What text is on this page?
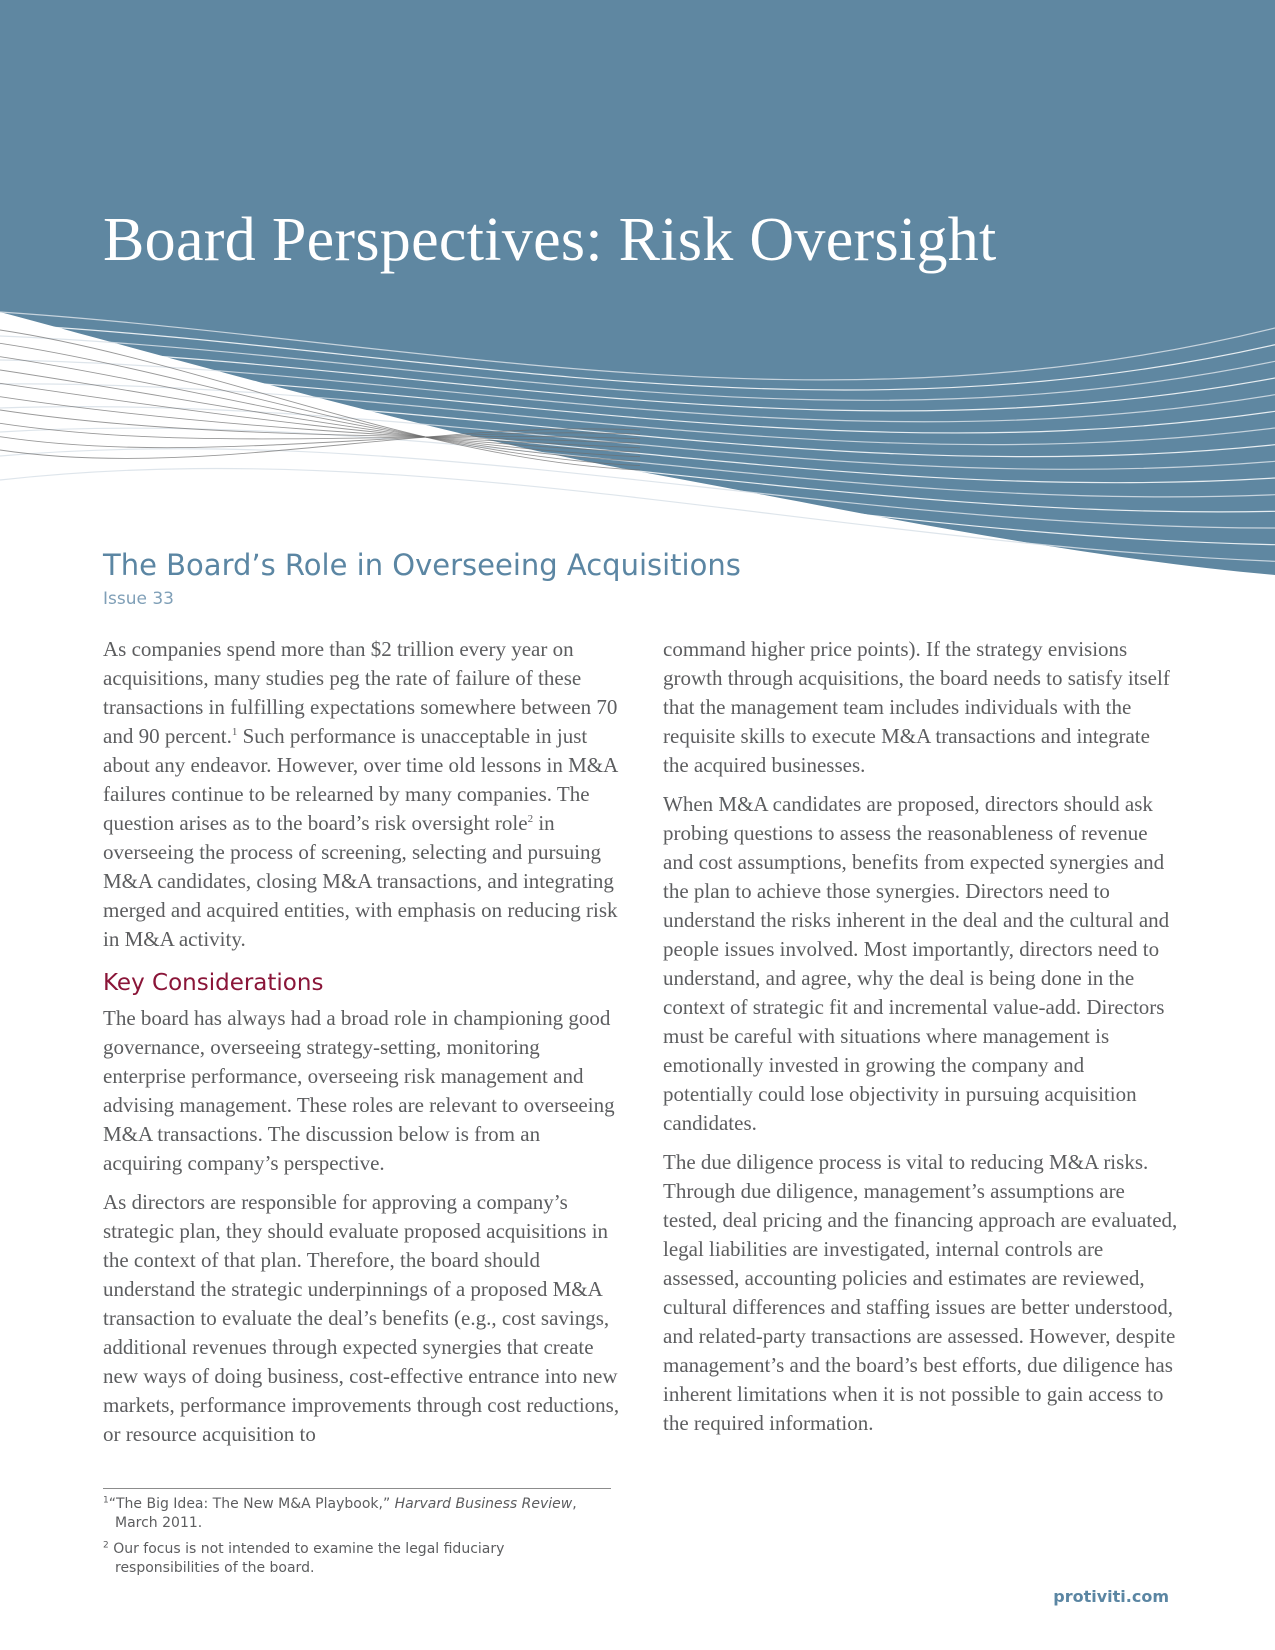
Board Perspectives: Risk Oversight
The Board’s Role in Overseeing Acquisitions
Issue 33

As companies spend more than $2 trillion every year on acquisitions, many studies peg the rate of failure of these transactions in fulfilling expectations somewhere between 70 and 90 percent.$^1$ Such performance is unacceptable in just about any endeavor. However, over time old lessons in M&A failures continue to be relearned by many companies. The question arises as to the board’s risk oversight role$^2$ in overseeing the process of screening, selecting and pursuing M&A candidates, closing M&A transactions, and integrating merged and acquired entities, with emphasis on reducing risk in M&A activity.

Key Considerations

The board has always had a broad role in championing good governance, overseeing strategy-setting, monitoring enterprise performance, overseeing risk management and advising management. These roles are relevant to overseeing M&A transactions. The discussion below is from an acquiring company’s perspective.

As directors are responsible for approving a company’s strategic plan, they should evaluate proposed acquisitions in the context of that plan. Therefore, the board should understand the strategic underpinnings of a proposed M&A transaction to evaluate the deal’s benefits (e.g., cost savings, additional revenues through expected synergies that create new ways of doing business, cost-effective entrance into new markets, performance improvements through cost reductions, or resource acquisition to

command higher price points). If the strategy envisions growth through acquisitions, the board needs to satisfy itself that the management team includes individuals with the requisite skills to execute M&A transactions and integrate the acquired businesses.

When M&A candidates are proposed, directors should ask probing questions to assess the reasonableness of revenue and cost assumptions, benefits from expected synergies and the plan to achieve those synergies. Directors need to understand the risks inherent in the deal and the cultural and people issues involved. Most importantly, directors need to understand, and agree, why the deal is being done in the context of strategic fit and incremental value-add. Directors must be careful with situations where management is emotionally invested in growing the company and potentially could lose objectivity in pursuing acquisition candidates.

The due diligence process is vital to reducing M&A risks. Through due diligence, management’s assumptions are tested, deal pricing and the financing approach are evaluated, legal liabilities are investigated, internal controls are assessed, accounting policies and estimates are reviewed, cultural differences and staffing issues are better understood, and related-party transactions are assessed. However, despite management’s and the board’s best efforts, due diligence has inherent limitations when it is not possible to gain access to the required information.

$^1$“The Big Idea: The New M&A Playbook,” Harvard Business Review, March 2011.

$^2$ Our focus is not intended to examine the legal fiduciary responsibilities of the board.

protiviti.com
